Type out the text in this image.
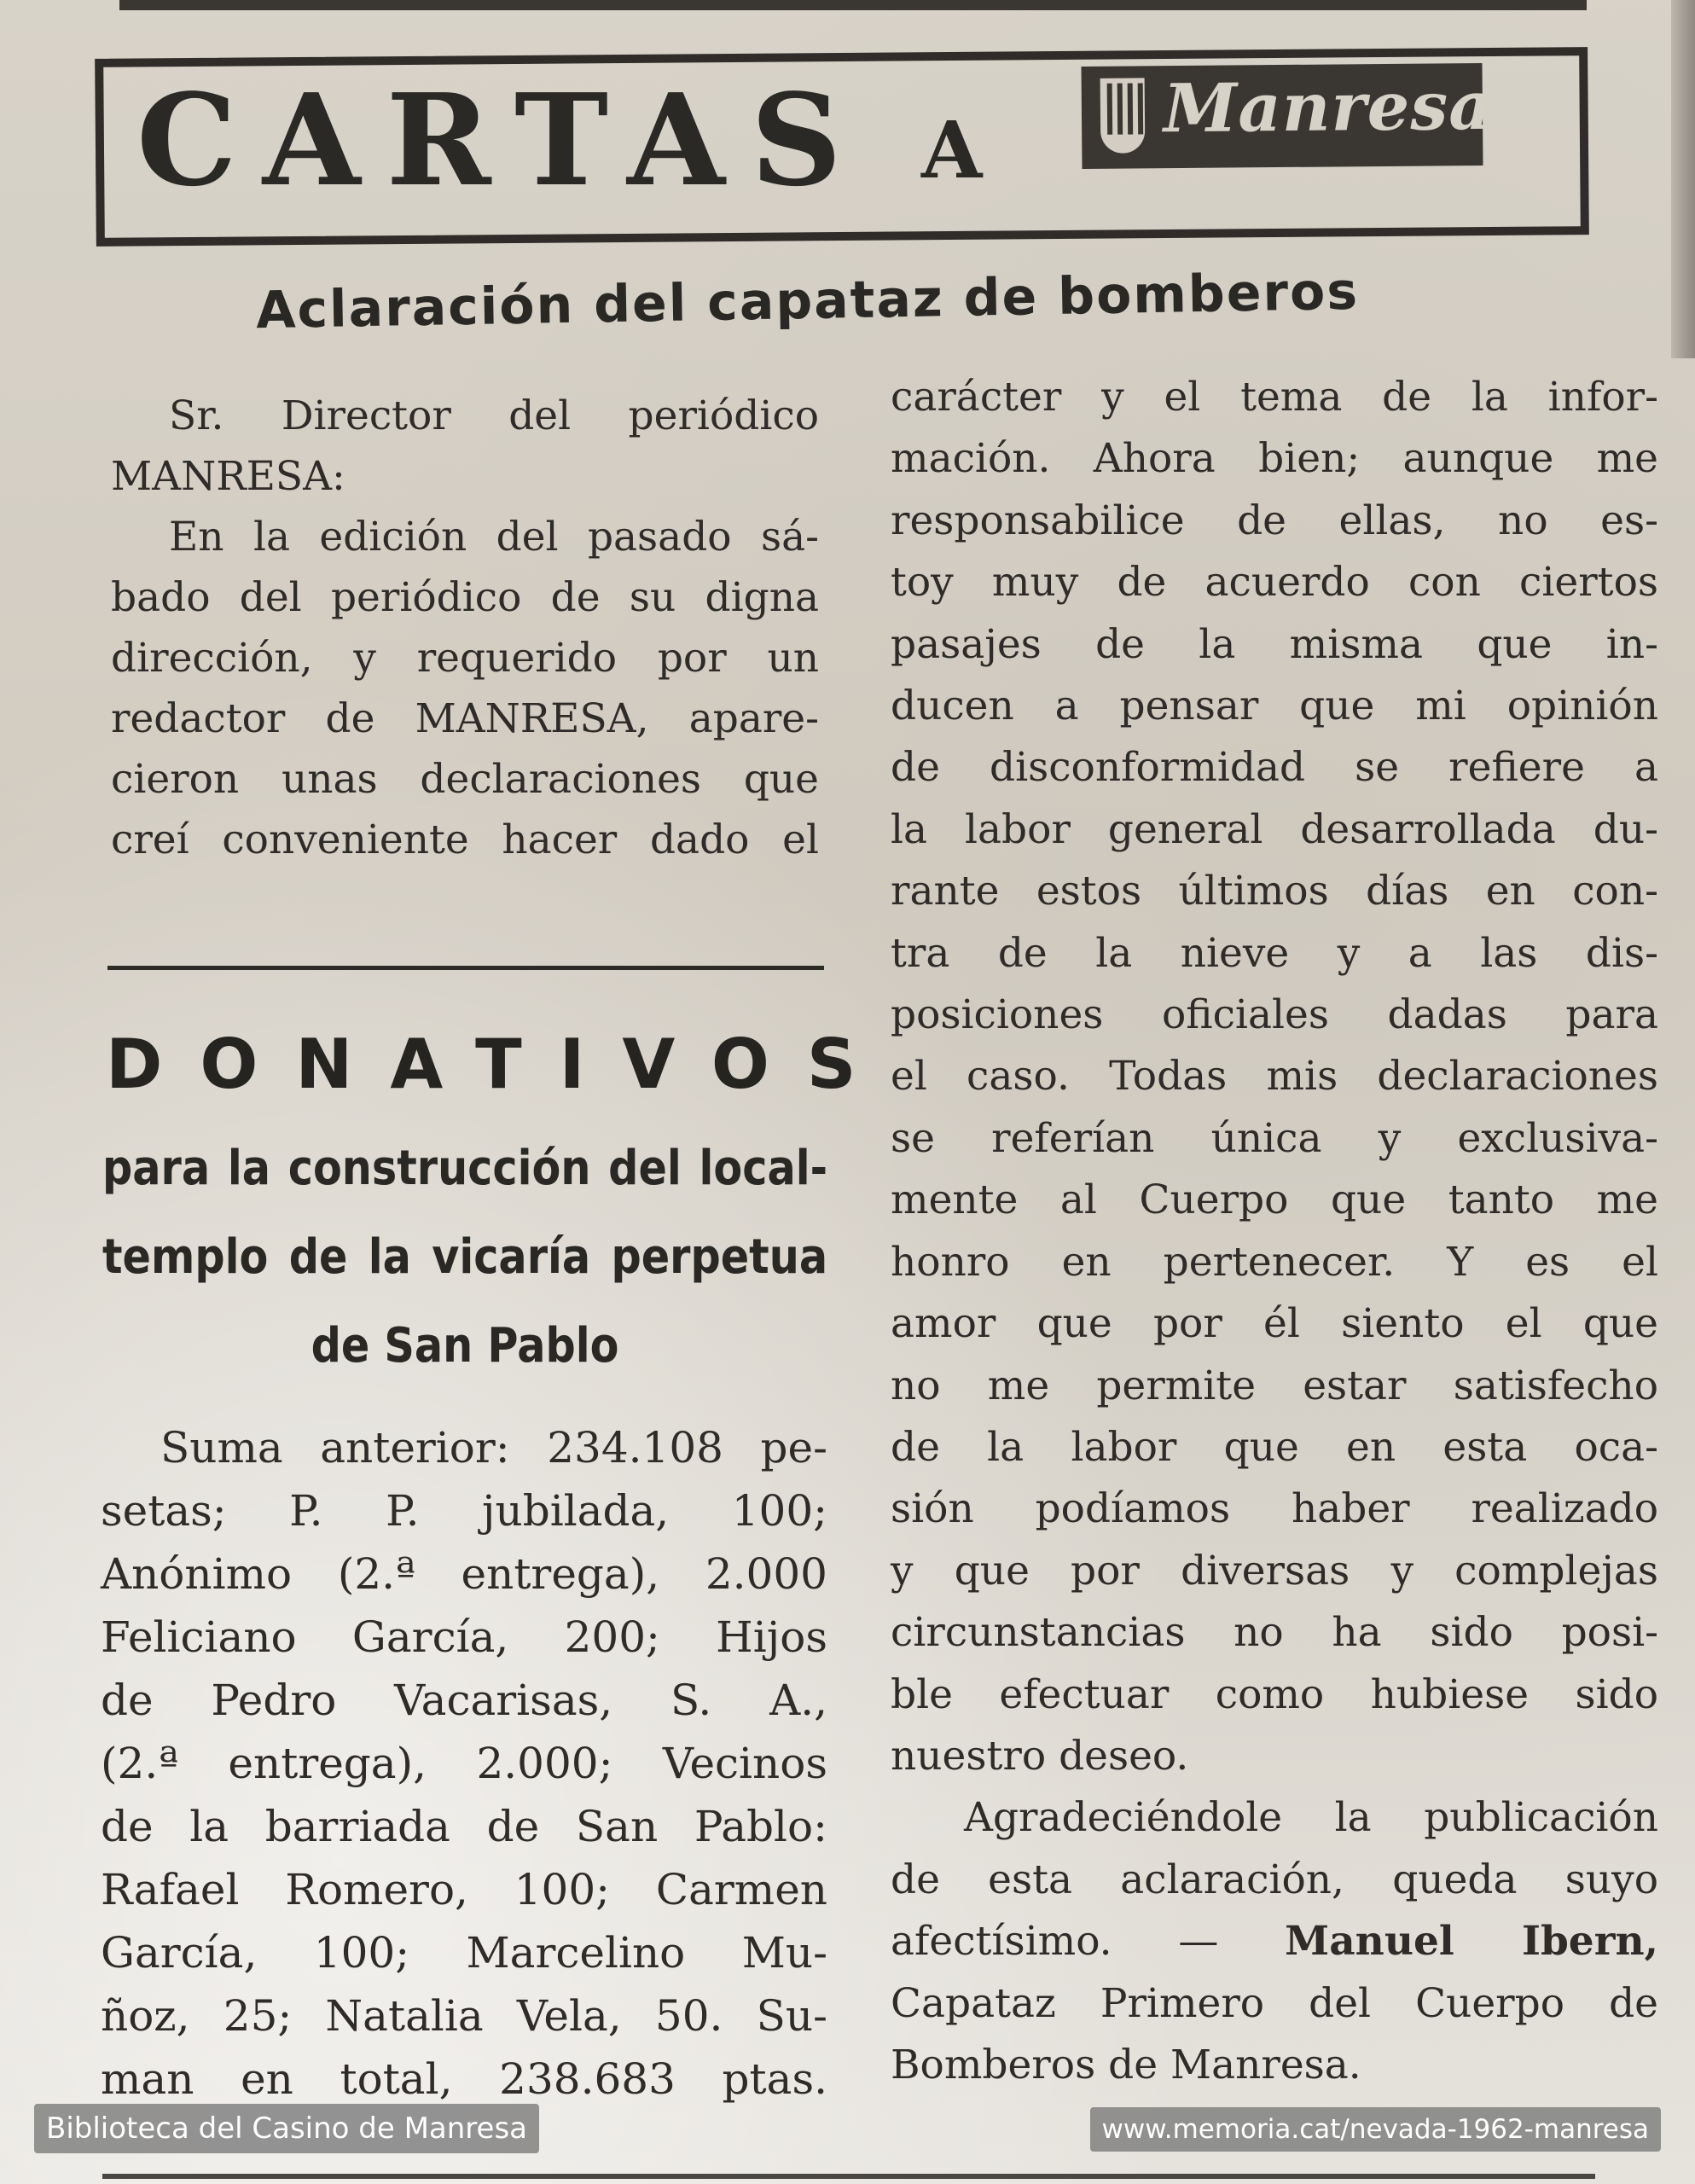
CARTAS A	Manresa
Aclaración del capataz de bomberos

Sr. Director del periódico

MANRESA:

En la edición del pasado sá-

bado del periódico de su digna

dirección, y requerido por un

redactor de MANRESA, apare-

cieron unas declaraciones que

creí conveniente hacer dado el

DONATIVOS

para la construcción del local-

templo de la vicaría perpetua

de San Pablo

Suma anterior: 234.108 pe-

setas; P. P. jubilada, 100;

Anónimo (2.ª entrega), 2.000

Feliciano García, 200; Hijos

de Pedro Vacarisas, S. A.,

(2.ª entrega), 2.000; Vecinos

de la barriada de San Pablo:

Rafael Romero, 100; Carmen

García, 100; Marcelino Mu-

ñoz, 25; Natalia Vela, 50. Su-

man en total, 238.683 ptas.

carácter y el tema de la infor-

mación. Ahora bien; aunque me

responsabilice de ellas, no es-

toy muy de acuerdo con ciertos

pasajes de la misma que in-

ducen a pensar que mi opinión

de disconformidad se refiere a

la labor general desarrollada du-

rante estos últimos días en con-

tra de la nieve y a las dis-

posiciones oficiales dadas para

el caso. Todas mis declaraciones

se referían única y exclusiva-

mente al Cuerpo que tanto me

honro en pertenecer. Y es el

amor que por él siento el que

no me permite estar satisfecho

de la labor que en esta oca-

sión podíamos haber realizado

y que por diversas y complejas

circunstancias no ha sido posi-

ble efectuar como hubiese sido

nuestro deseo.

Agradeciéndole la publicación

de esta aclaración, queda suyo

afectísimo. — Manuel Ibern,

Capataz Primero del Cuerpo de

Bomberos de Manresa.

Biblioteca del Casino de Manresa	www.memoria.cat/nevada-1962-manresa
